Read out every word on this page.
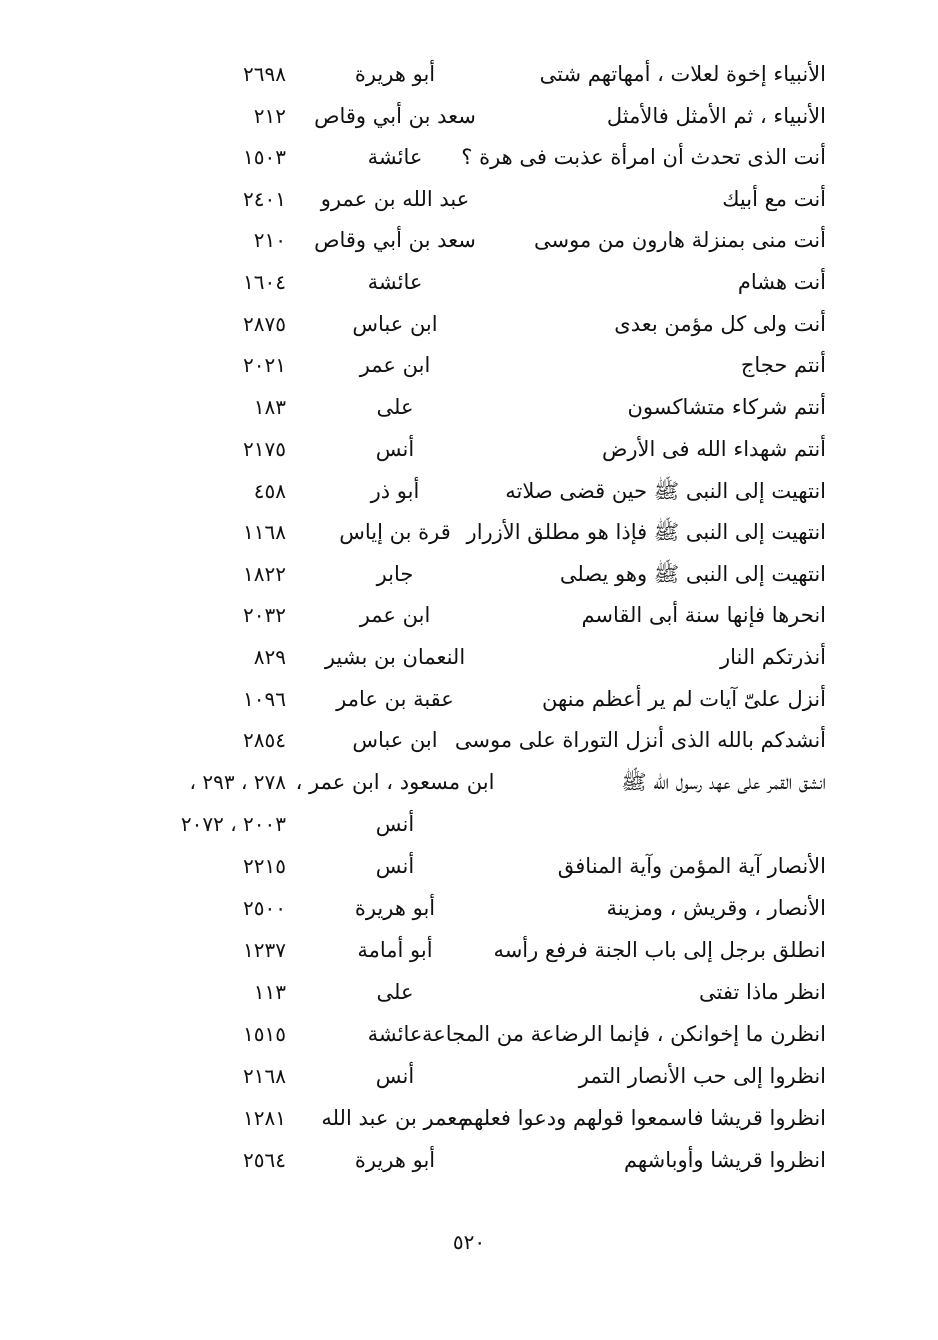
الأنبياء إخوة لعلات ، أمهاتهم شتى
أبو هريرة
٢٦٩٨
الأنبياء ، ثم الأمثل فالأمثل
سعد بن أبي وقاص
٢١٢
أنت الذى تحدث أن امرأة عذبت فى هرة ؟
عائشة
١٥٠٣
أنت مع أبيك
عبد الله بن عمرو
٢٤٠١
أنت منى بمنزلة هارون من موسى
سعد بن أبي وقاص
٢١٠
أنت هشام
عائشة
١٦٠٤
أنت ولى كل مؤمن بعدى
ابن عباس
٢٨٧٥
أنتم حجاج
ابن عمر
٢٠٢١
أنتم شركاء متشاكسون
على
١٨٣
أنتم شهداء الله فى الأرض
أنس
٢١٧٥
انتهيت إلى النبى ﷺ حين قضى صلاته
أبو ذر
٤٥٨
انتهيت إلى النبى ﷺ فإذا هو مطلق الأزرار
قرة بن إياس
١١٦٨
انتهيت إلى النبى ﷺ وهو يصلى
جابر
١٨٢٢
انحرها فإنها سنة أبى القاسم
ابن عمر
٢٠٣٢
أنذرتكم النار
النعمان بن بشير
٨٢٩
أنزل علىّ آيات لم ير أعظم منهن
عقبة بن عامر
١٠٩٦
أنشدكم بالله الذى أنزل التوراة على موسى
ابن عباس
٢٨٥٤
انشق القمر على عهد رسول الله ﷺ
ابن مسعود ، ابن عمر ،
٢٧٨ ، ٢٩٣ ،
أنس
٢٠٠٣ ، ٢٠٧٢
الأنصار آية المؤمن وآية المنافق
أنس
٢٢١٥
الأنصار ، وقريش ، ومزينة
أبو هريرة
٢٥٠٠
انطلق برجل إلى باب الجنة فرفع رأسه
أبو أمامة
١٢٣٧
انظر ماذا تفتى
على
١١٣
انظرن ما إخوانكن ، فإنما الرضاعة من المجاعة
عائشة
١٥١٥
انظروا إلى حب الأنصار التمر
أنس
٢١٦٨
انظروا قريشا فاسمعوا قولهم ودعوا فعلهم
معمر بن عبد الله
١٢٨١
انظروا قريشا وأوباشهم
أبو هريرة
٢٥٦٤
٥٢٠
